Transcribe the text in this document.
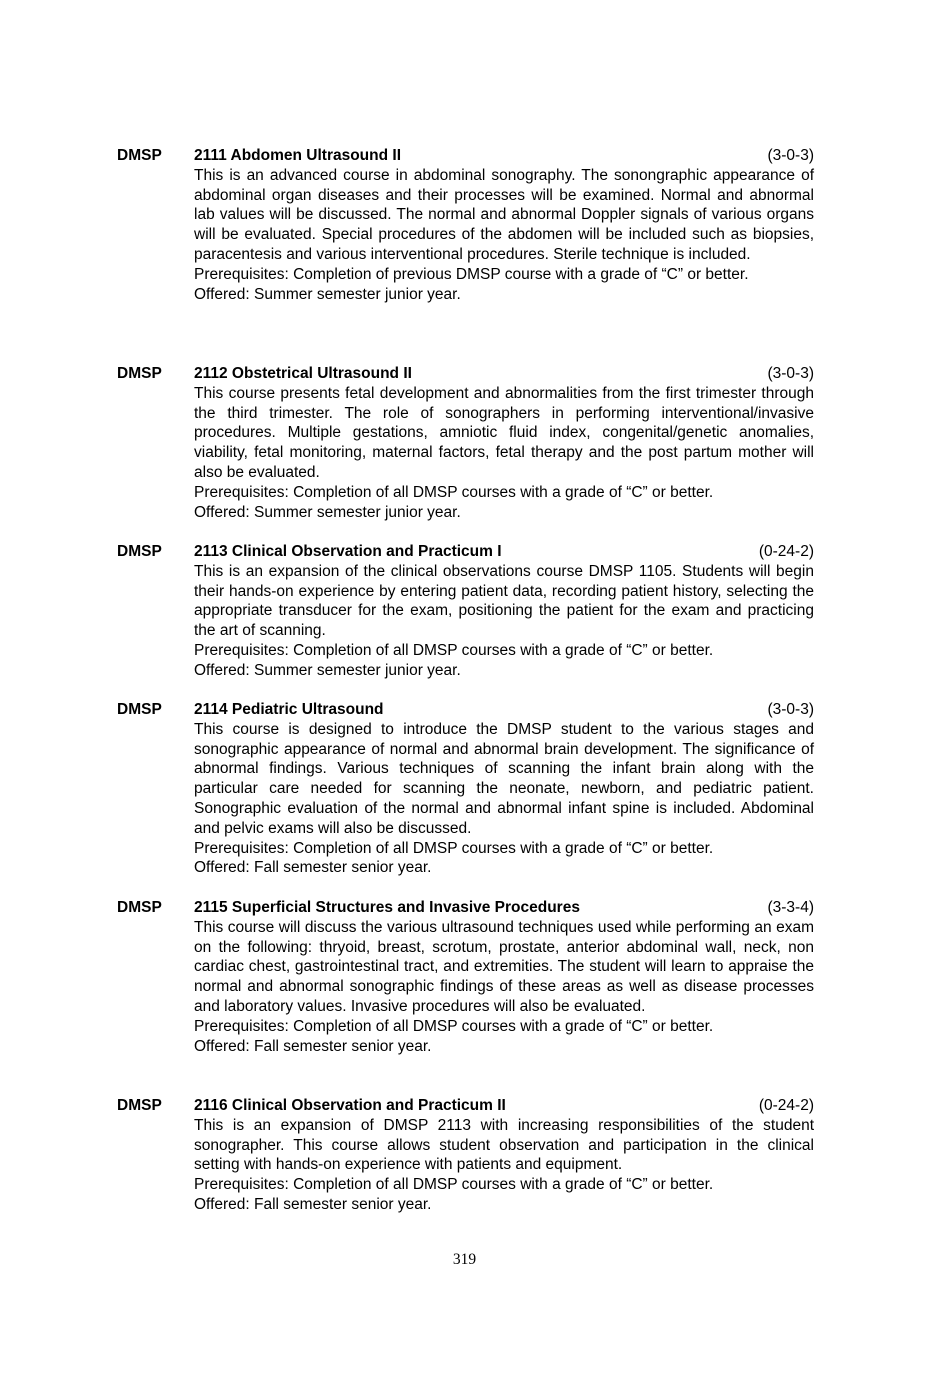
DMSP 2111 Abdomen Ultrasound II	(3-0-3)

This is an advanced course in abdominal sonography. The sonongraphic appearance of abdominal organ diseases and their processes will be examined. Normal and abnormal lab values will be discussed. The normal and abnormal Doppler signals of various organs will be evaluated. Special procedures of the abdomen will be included such as biopsies, paracentesis and various interventional procedures. Sterile technique is included.

Prerequisites: Completion of previous DMSP course with a grade of “C” or better.

Offered: Summer semester junior year.

DMSP 2112 Obstetrical Ultrasound II	(3-0-3)

This course presents fetal development and abnormalities from the first trimester through the third trimester. The role of sonographers in performing interventional/invasive procedures. Multiple gestations, amniotic fluid index, congenital/genetic anomalies, viability, fetal monitoring, maternal factors, fetal therapy and the post partum mother will also be evaluated.

Prerequisites: Completion of all DMSP courses with a grade of “C” or better.

Offered: Summer semester junior year.

DMSP 2113 Clinical Observation and Practicum I	(0-24-2)

This is an expansion of the clinical observations course DMSP 1105. Students will begin their hands-on experience by entering patient data, recording patient history, selecting the appropriate transducer for the exam, positioning the patient for the exam and practicing the art of scanning.

Prerequisites: Completion of all DMSP courses with a grade of “C” or better.

Offered: Summer semester junior year.

DMSP 2114 Pediatric Ultrasound	(3-0-3)

This course is designed to introduce the DMSP student to the various stages and sonographic appearance of normal and abnormal brain development. The significance of abnormal findings. Various techniques of scanning the infant brain along with the particular care needed for scanning the neonate, newborn, and pediatric patient. Sonographic evaluation of the normal and abnormal infant spine is included. Abdominal and pelvic exams will also be discussed.

Prerequisites: Completion of all DMSP courses with a grade of “C” or better.

Offered: Fall semester senior year.

DMSP 2115 Superficial Structures and Invasive Procedures	(3-3-4)

This course will discuss the various ultrasound techniques used while performing an exam on the following: thryoid, breast, scrotum, prostate, anterior abdominal wall, neck, non cardiac chest, gastrointestinal tract, and extremities. The student will learn to appraise the normal and abnormal sonographic findings of these areas as well as disease processes and laboratory values. Invasive procedures will also be evaluated.

Prerequisites: Completion of all DMSP courses with a grade of “C” or better.

Offered: Fall semester senior year.

DMSP 2116 Clinical Observation and Practicum II	(0-24-2)

This is an expansion of DMSP 2113 with increasing responsibilities of the student sonographer. This course allows student observation and participation in the clinical setting with hands-on experience with patients and equipment.

Prerequisites: Completion of all DMSP courses with a grade of “C” or better.

Offered: Fall semester senior year.

319
